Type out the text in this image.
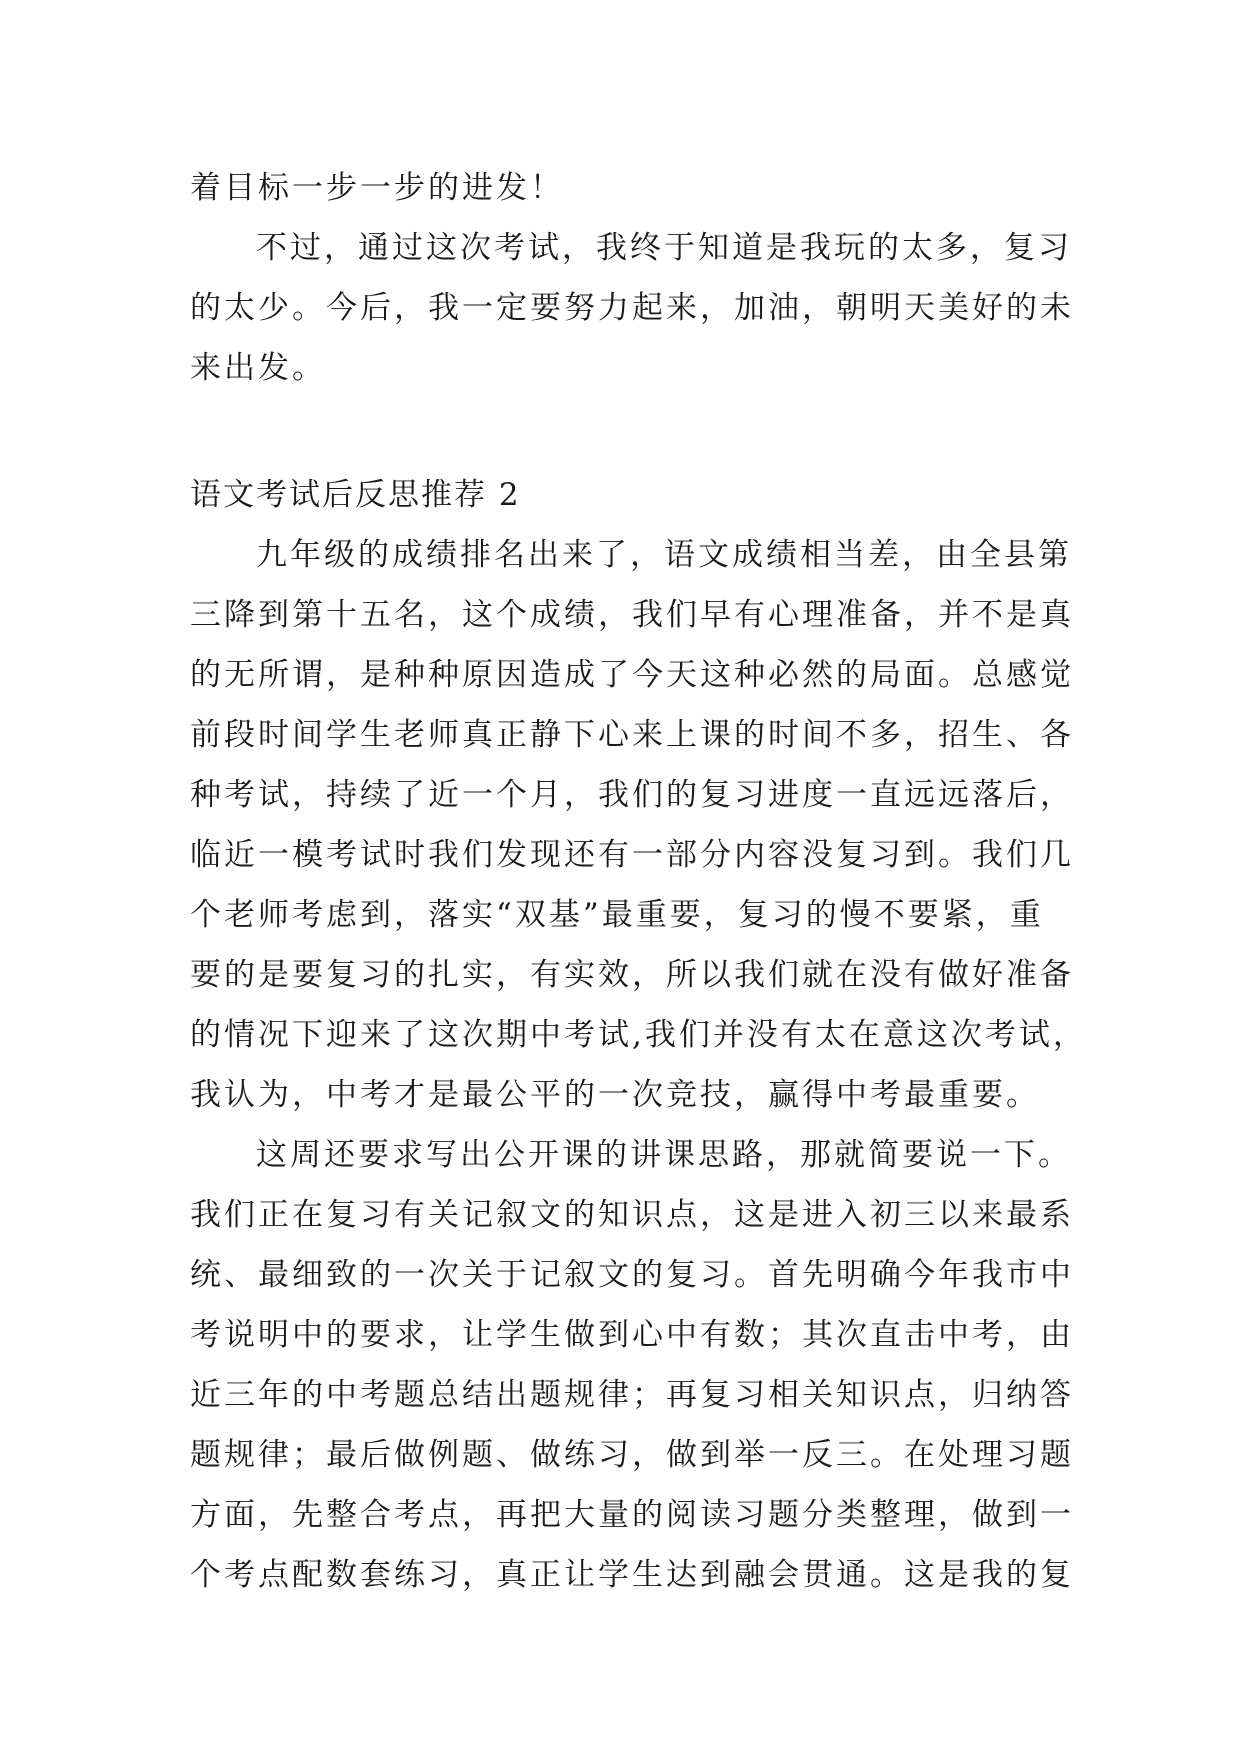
着目标一步一步的进发！
不过，通过这次考试，我终于知道是我玩的太多，复习
的太少。今后，我一定要努力起来，加油，朝明天美好的未
来出发。
语文考试后反思推荐 2
九年级的成绩排名出来了，语文成绩相当差，由全县第
三降到第十五名，这个成绩，我们早有心理准备，并不是真
的无所谓，是种种原因造成了今天这种必然的局面。总感觉
前段时间学生老师真正静下心来上课的时间不多，招生、各
种考试，持续了近一个月，我们的复习进度一直远远落后，
临近一模考试时我们发现还有一部分内容没复习到。我们几
个老师考虑到，落实“双基”最重要，复习的慢不要紧，重
要的是要复习的扎实，有实效，所以我们就在没有做好准备
的情况下迎来了这次期中考试,我们并没有太在意这次考试，
我认为，中考才是最公平的一次竞技，赢得中考最重要。
这周还要求写出公开课的讲课思路，那就简要说一下。
我们正在复习有关记叙文的知识点，这是进入初三以来最系
统、最细致的一次关于记叙文的复习。首先明确今年我市中
考说明中的要求，让学生做到心中有数；其次直击中考，由
近三年的中考题总结出题规律；再复习相关知识点，归纳答
题规律；最后做例题、做练习，做到举一反三。在处理习题
方面，先整合考点，再把大量的阅读习题分类整理，做到一
个考点配数套练习，真正让学生达到融会贯通。这是我的复
